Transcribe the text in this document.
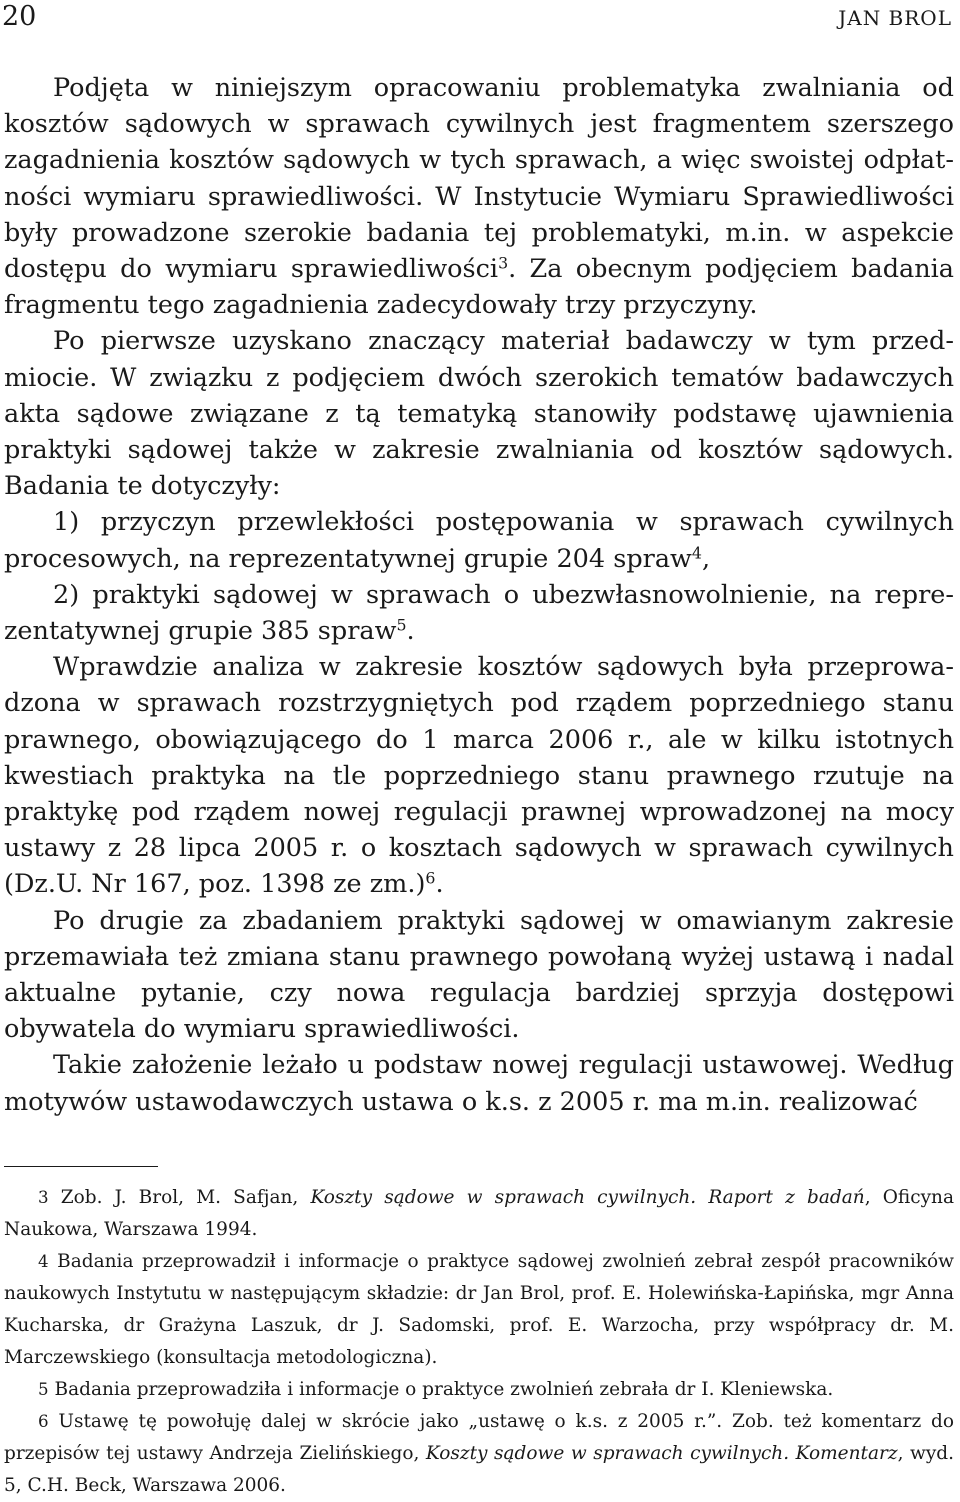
20	JAN BROL

Podjęta w niniejszym opracowaniu problematyka zwalniania od kosztów sądowych w sprawach cywilnych jest fragmentem szerszego zagadnienia kosztów sądowych w tych sprawach, a więc swoistej odpłatności wymiaru sprawiedliwości. W Instytucie Wymiaru Sprawiedliwości były prowadzone szerokie badania tej problematyki, m.in. w aspekcie dostępu do wymiaru sprawiedliwości$^3$. Za obecnym podjęciem badania fragmentu tego zagadnienia zadecydowały trzy przyczyny.

Po pierwsze uzyskano znaczący materiał badawczy w tym przedmiocie. W związku z podjęciem dwóch szerokich tematów badawczych akta sądowe związane z tą tematyką stanowiły podstawę ujawnienia praktyki sądowej także w zakresie zwalniania od kosztów sądowych. Badania te dotyczyły:

1) przyczyn przewlekłości postępowania w sprawach cywilnych procesowych, na reprezentatywnej grupie 204 spraw$^4$,

2) praktyki sądowej w sprawach o ubezwłasnowolnienie, na reprezentatywnej grupie 385 spraw$^5$.

Wprawdzie analiza w zakresie kosztów sądowych była przeprowadzona w sprawach rozstrzygniętych pod rządem poprzedniego stanu prawnego, obowiązującego do 1 marca 2006 r., ale w kilku istotnych kwestiach praktyka na tle poprzedniego stanu prawnego rzutuje na praktykę pod rządem nowej regulacji prawnej wprowadzonej na mocy ustawy z 28 lipca 2005 r. o kosztach sądowych w sprawach cywilnych (Dz.U. Nr 167, poz. 1398 ze zm.)$^6$.

Po drugie za zbadaniem praktyki sądowej w omawianym zakresie przemawiała też zmiana stanu prawnego powołaną wyżej ustawą i nadal aktualne pytanie, czy nowa regulacja bardziej sprzyja dostępowi obywatela do wymiaru sprawiedliwości.

Takie założenie leżało u podstaw nowej regulacji ustawowej. Według motywów ustawodawczych ustawa o k.s. z 2005 r. ma m.in. realizować

3 Zob. J. Brol, M. Safjan, Koszty sądowe w sprawach cywilnych. Raport z badań, Oficyna Naukowa, Warszawa 1994.

4 Badania przeprowadził i informacje o praktyce sądowej zwolnień zebrał zespół pracowników naukowych Instytutu w następującym składzie: dr Jan Brol, prof. E. Holewińska-Łapińska, mgr Anna Kucharska, dr Grażyna Laszuk, dr J. Sadomski, prof. E. Warzocha, przy współpracy dr. M. Marczewskiego (konsultacja metodologiczna).

5 Badania przeprowadziła i informacje o praktyce zwolnień zebrała dr I. Kleniewska.

6 Ustawę tę powołuję dalej w skrócie jako „ustawę o k.s. z 2005 r.”. Zob. też komentarz do przepisów tej ustawy Andrzeja Zielińskiego, Koszty sądowe w sprawach cywilnych. Komentarz, wyd. 5, C.H. Beck, Warszawa 2006.
